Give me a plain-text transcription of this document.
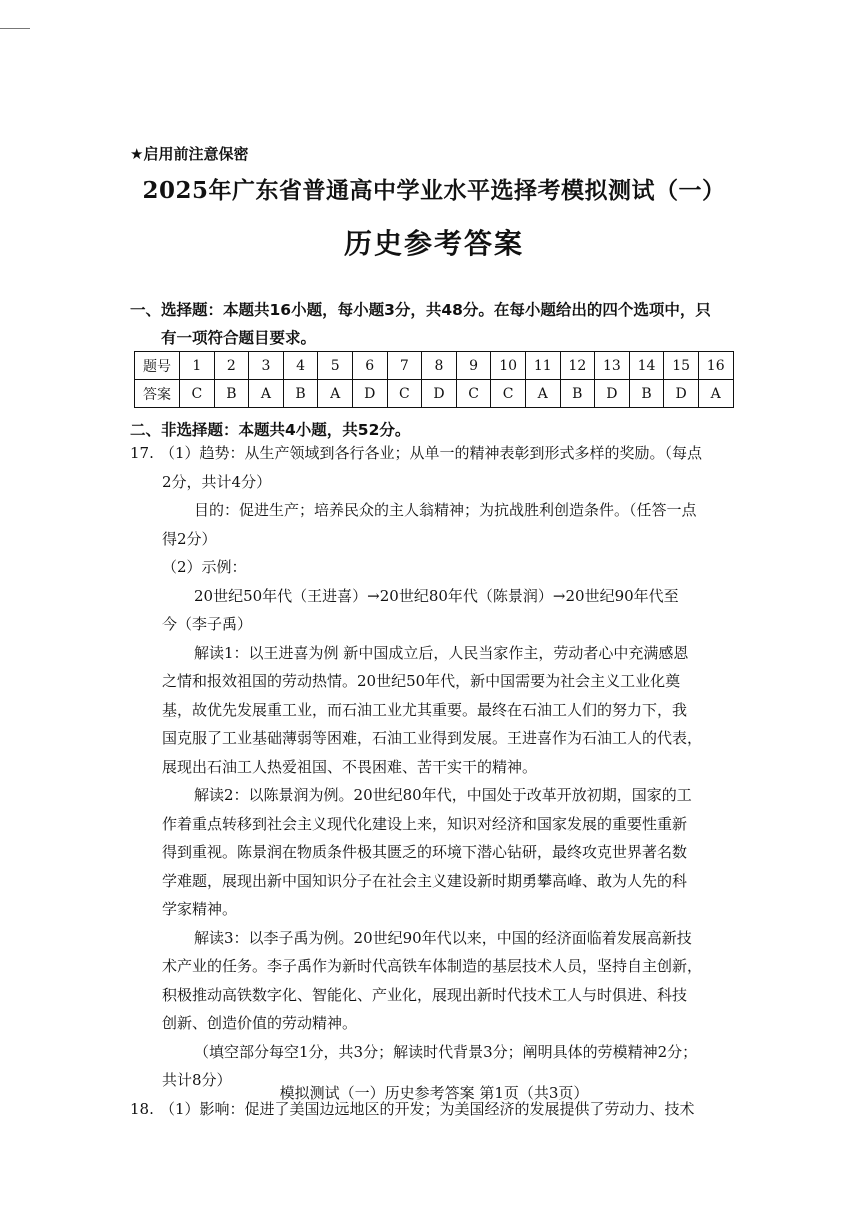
★启用前注意保密
2025年广东省普通高中学业水平选择考模拟测试（一）
历史参考答案
一、选择题：本题共16小题，每小题3分，共48分。在每小题给出的四个选项中，只
有一项符合题目要求。
题号	1	2	3	4	5	6	7	8	9	10	11	12	13	14	15	16
答案	C	B	A	B	A	D	C	D	C	C	A	B	D	B	D	A
二、非选择题：本题共4小题，共52分。

17. （1）趋势：从生产领域到各行各业；从单一的精神表彰到形式多样的奖励。（每点

2分，共计4分）

目的：促进生产；培养民众的主人翁精神；为抗战胜利创造条件。（任答一点

得2分）

（2）示例：

20世纪50年代（王进喜）→20世纪80年代（陈景润）→20世纪90年代至

今（李子禹）

解读1：以王进喜为例 新中国成立后，人民当家作主，劳动者心中充满感恩

之情和报效祖国的劳动热情。20世纪50年代，新中国需要为社会主义工业化奠

基，故优先发展重工业，而石油工业尤其重要。最终在石油工人们的努力下，我

国克服了工业基础薄弱等困难，石油工业得到发展。王进喜作为石油工人的代表，

展现出石油工人热爱祖国、不畏困难、苦干实干的精神。

解读2：以陈景润为例。20世纪80年代，中国处于改革开放初期，国家的工

作着重点转移到社会主义现代化建设上来，知识对经济和国家发展的重要性重新

得到重视。陈景润在物质条件极其匮乏的环境下潜心钻研，最终攻克世界著名数

学难题，展现出新中国知识分子在社会主义建设新时期勇攀高峰、敢为人先的科

学家精神。

解读3：以李子禹为例。20世纪90年代以来，中国的经济面临着发展高新技

术产业的任务。李子禹作为新时代高铁车体制造的基层技术人员，坚持自主创新，

积极推动高铁数字化、智能化、产业化，展现出新时代技术工人与时俱进、科技

创新、创造价值的劳动精神。

（填空部分每空1分，共3分；解读时代背景3分；阐明具体的劳模精神2分；

共计8分）

18. （1）影响：促进了美国边远地区的开发；为美国经济的发展提供了劳动力、技术

模拟测试（一）历史参考答案 第1页（共3页）
